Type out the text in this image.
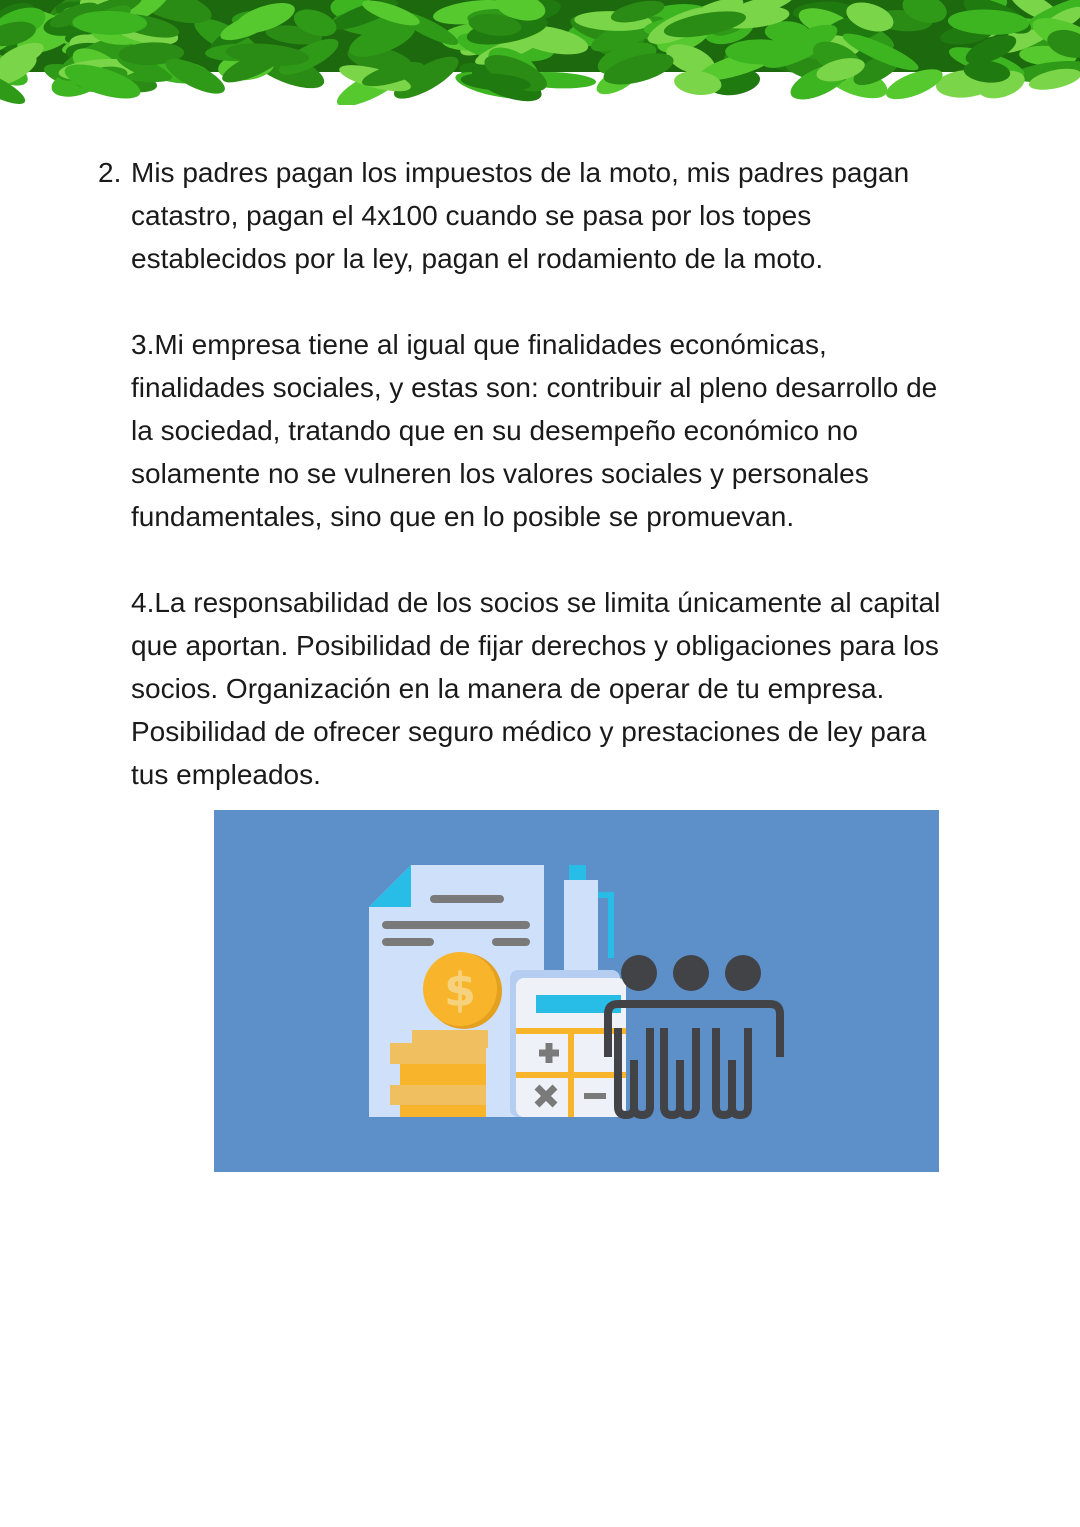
2. Mis padres pagan los impuestos de la moto, mis padres pagan
catastro, pagan el 4x100 cuando se pasa por los topes
establecidos por la ley, pagan el rodamiento de la moto.
3.Mi empresa tiene al igual que finalidades económicas,
finalidades sociales, y estas son: contribuir al pleno desarrollo de
la sociedad, tratando que en su desempeño económico no
solamente no se vulneren los valores sociales y personales
fundamentales, sino que en lo posible se promuevan.
4.La responsabilidad de los socios se limita únicamente al capital
que aportan. Posibilidad de fijar derechos y obligaciones para los
socios. Organización en la manera de operar de tu empresa.
Posibilidad de ofrecer seguro médico y prestaciones de ley para
tus empleados.
$
